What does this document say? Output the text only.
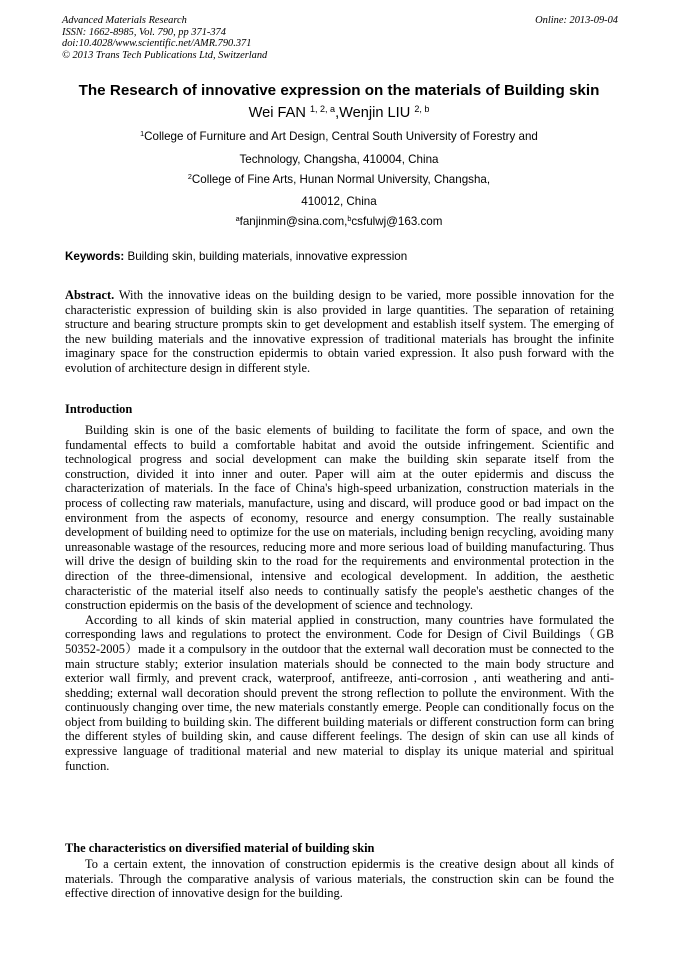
Advanced Materials Research
ISSN: 1662-8985, Vol. 790, pp 371-374
doi:10.4028/www.scientific.net/AMR.790.371
© 2013 Trans Tech Publications Ltd, Switzerland
Online: 2013-09-04
The Research of innovative expression on the materials of Building skin
Wei FAN $^{1, 2, a}$,Wenjin LIU $^{2, b}$
$^1$College of Furniture and Art Design, Central South University of Forestry and
Technology, Changsha, 410004, China
$^2$College of Fine Arts, Hunan Normal University, Changsha,
410012, China
$^a$fanjinmin@sina.com,$^b$csfulwj@163.com
Keywords: Building skin, building materials, innovative expression

Abstract. With the innovative ideas on the building design to be varied, more possible innovation for the characteristic expression of building skin is also provided in large quantities. The separation of retaining structure and bearing structure prompts skin to get development and establish itself system. The emerging of the new building materials and the innovative expression of traditional materials has brought the infinite imaginary space for the construction epidermis to obtain varied expression. It also push forward with the evolution of architecture design in different style.

Introduction

Building skin is one of the basic elements of building to facilitate the form of space, and own the fundamental effects to build a comfortable habitat and avoid the outside infringement. Scientific and technological progress and social development can make the building skin separate itself from the construction, divided it into inner and outer. Paper will aim at the outer epidermis and discuss the characterization of materials. In the face of China's high-speed urbanization, construction materials in the process of collecting raw materials, manufacture, using and discard, will produce good or bad impact on the environment from the aspects of economy, resource and energy consumption. The really sustainable development of building need to optimize for the use on materials, including benign recycling, avoiding many unreasonable wastage of the resources, reducing more and more serious load of building manufacturing. Thus will drive the design of building skin to the road for the requirements and environmental protection in the direction of the three-dimensional, intensive and ecological development. In addition, the aesthetic characteristic of the material itself also needs to continually satisfy the people's aesthetic changes of the construction epidermis on the basis of the development of science and technology.

According to all kinds of skin material applied in construction, many countries have formulated the corresponding laws and regulations to protect the environment. Code for Design of Civil Buildings（GB 50352-2005）made it a compulsory in the outdoor that the external wall decoration must be connected to the main structure stably; exterior insulation materials should be connected to the main body structure and exterior wall firmly, and prevent crack, waterproof, antifreeze, anti-corrosion , anti weathering and anti-shedding; external wall decoration should prevent the strong reflection to pollute the environment. With the continuously changing over time, the new materials constantly emerge. People can conditionally focus on the object from building to building skin. The different building materials or different construction form can bring the different styles of building skin, and cause different feelings. The design of skin can use all kinds of expressive language of traditional material and new material to display its unique material and spiritual function.

The characteristics on diversified material of building skin

To a certain extent, the innovation of construction epidermis is the creative design about all kinds of materials. Through the comparative analysis of various materials, the construction skin can be found the effective direction of innovative design for the building.
